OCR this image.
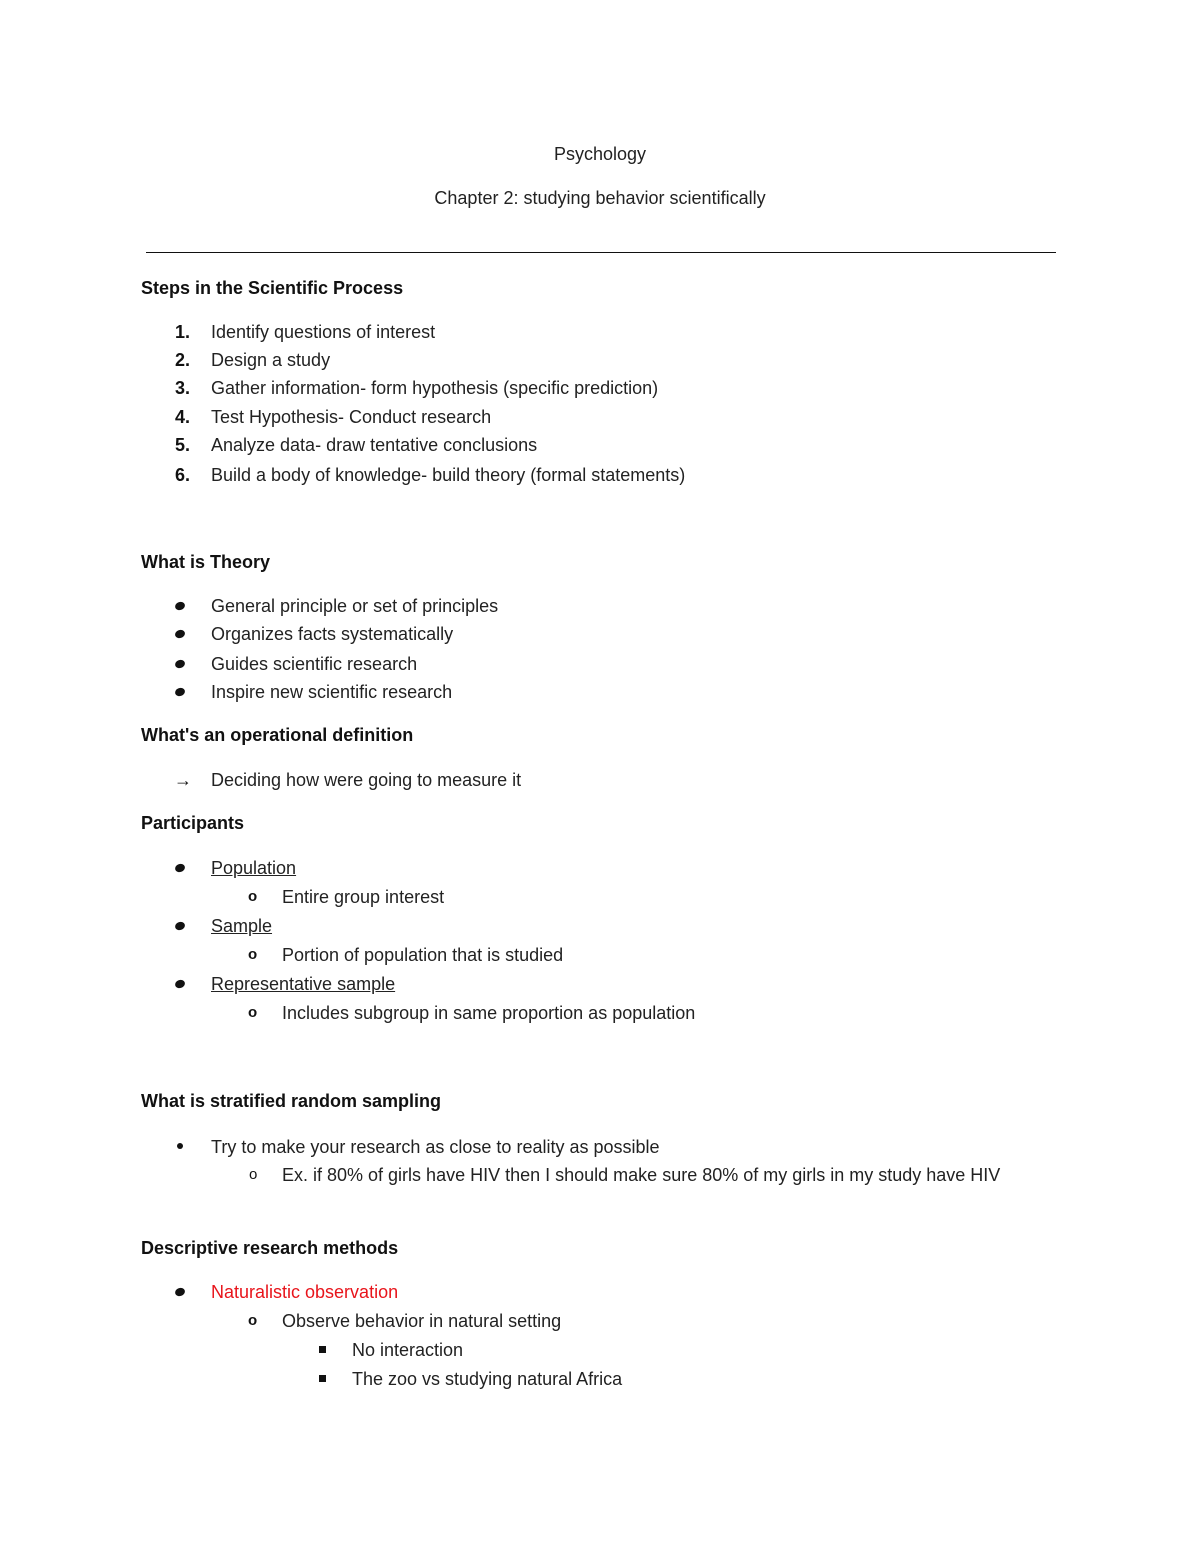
Psychology
Chapter 2: studying behavior scientifically
Steps in the Scientific Process
1. Identify questions of interest
2. Design a study
3. Gather information- form hypothesis (specific prediction)
4. Test Hypothesis- Conduct research
5. Analyze data- draw tentative conclusions
6. Build a body of knowledge- build theory (formal statements)
What is Theory
General principle or set of principles
Organizes facts systematically
Guides scientific research
Inspire new scientific research
What's an operational definition
→ Deciding how were going to measure it
Participants
Population
o Entire group interest
Sample
o Portion of population that is studied
Representative sample
o Includes subgroup in same proportion as population
What is stratified random sampling
Try to make your research as close to reality as possible
o Ex. if 80% of girls have HIV then I should make sure 80% of my girls in my study have HIV
Descriptive research methods
Naturalistic observation
o Observe behavior in natural setting
No interaction
The zoo vs studying natural Africa
